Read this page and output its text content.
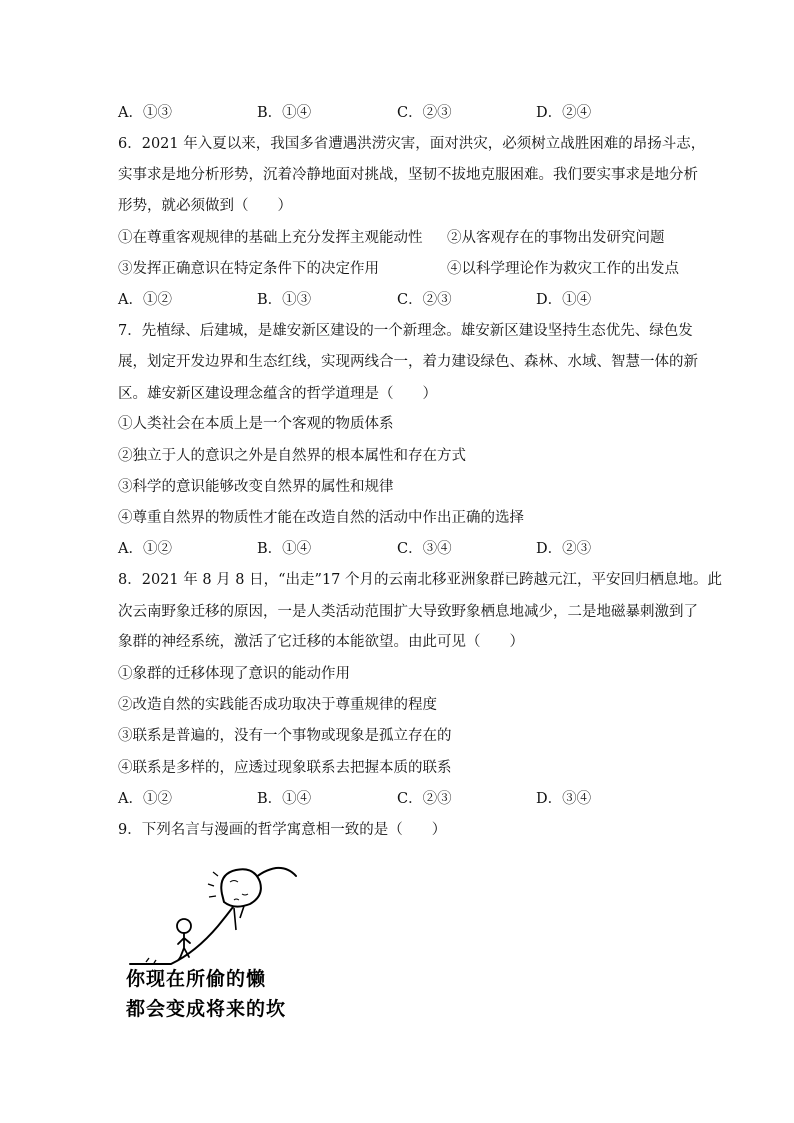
A．①③	B．①④	C．②③	D．②④
6．2021 年入夏以来，我国多省遭遇洪涝灾害，面对洪灾，必须树立战胜困难的昂扬斗志，
实事求是地分析形势，沉着冷静地面对挑战，坚韧不拔地克服困难。我们要实事求是地分析
形势，就必须做到（　　）
①在尊重客观规律的基础上充分发挥主观能动性 ②从客观存在的事物出发研究问题
③发挥正确意识在特定条件下的决定作用	④以科学理论作为救灾工作的出发点
A．①②	B．①③	C．②③	D．①④
7．先植绿、后建城，是雄安新区建设的一个新理念。雄安新区建设坚持生态优先、绿色发
展，划定开发边界和生态红线，实现两线合一，着力建设绿色、森林、水域、智慧一体的新
区。雄安新区建设理念蕴含的哲学道理是（　　）
①人类社会在本质上是一个客观的物质体系
②独立于人的意识之外是自然界的根本属性和存在方式
③科学的意识能够改变自然界的属性和规律
④尊重自然界的物质性才能在改造自然的活动中作出正确的选择
A．①②	B．①④	C．③④	D．②③
8．2021 年 8 月 8 日，“出走”17 个月的云南北移亚洲象群已跨越元江，平安回归栖息地。此
次云南野象迁移的原因，一是人类活动范围扩大导致野象栖息地减少，二是地磁暴刺激到了
象群的神经系统，激活了它迁移的本能欲望。由此可见（　　）
①象群的迁移体现了意识的能动作用
②改造自然的实践能否成功取决于尊重规律的程度
③联系是普遍的，没有一个事物或现象是孤立存在的
④联系是多样的，应透过现象联系去把握本质的联系
A．①②	B．①④	C．②③	D．③④
9．下列名言与漫画的哲学寓意相一致的是（　　）
你现在所偷的懒
都会变成将来的坎
